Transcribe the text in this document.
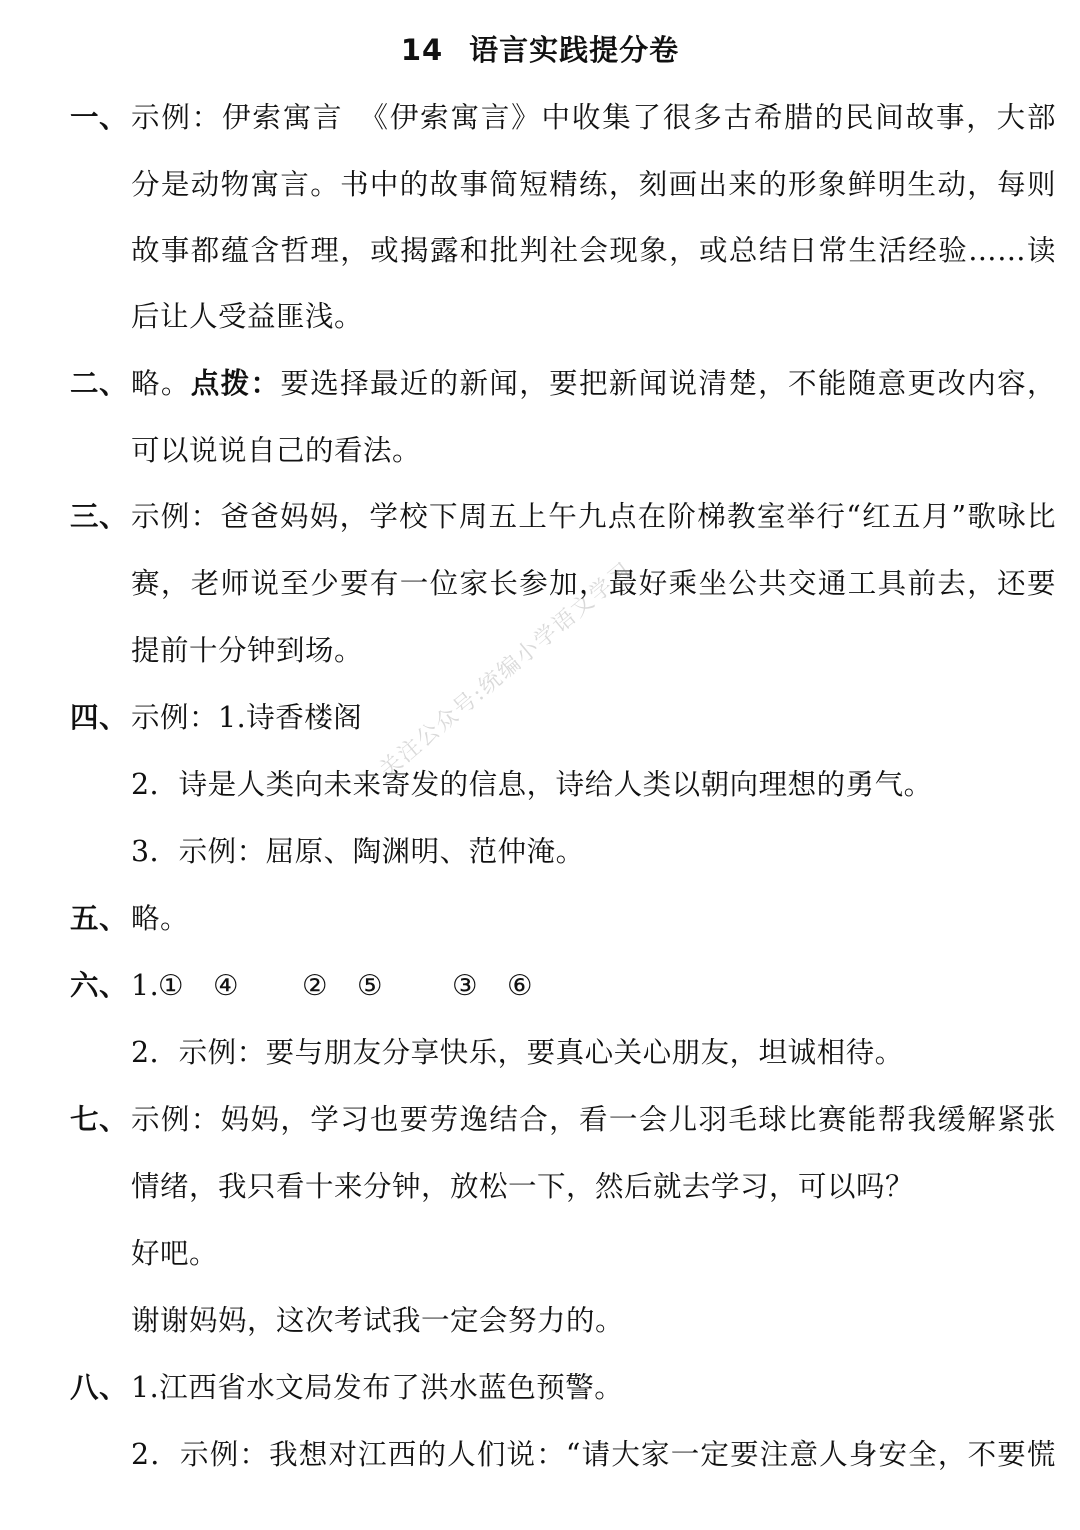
14 语言实践提分卷
一、 示例：伊索寓言　《伊索寓言》中收集了很多古希腊的民间故事，大部
分是动物寓言。书中的故事简短精练，刻画出来的形象鲜明生动，每则
故事都蕴含哲理，或揭露和批判社会现象，或总结日常生活经验……读
后让人受益匪浅。
二、 略。点拨：要选择最近的新闻，要把新闻说清楚，不能随意更改内容，
可以说说自己的看法。
三、 示例：爸爸妈妈，学校下周五上午九点在阶梯教室举行“红五月”歌咏比
赛，老师说至少要有一位家长参加，最好乘坐公共交通工具前去，还要
提前十分钟到场。
四、 示例：1.诗香楼阁
2．诗是人类向未来寄发的信息，诗给人类以朝向理想的勇气。
3．示例：屈原、陶渊明、范仲淹。
五、 略。
六、 1.
①　④ ②　⑤ ③　⑥
2．示例：要与朋友分享快乐，要真心关心朋友，坦诚相待。
七、 示例：妈妈，学习也要劳逸结合，看一会儿羽毛球比赛能帮我缓解紧张
情绪，我只看十来分钟，放松一下，然后就去学习，可以吗？
好吧。
谢谢妈妈，这次考试我一定会努力的。
八、 1.江西省水文局发布了洪水蓝色预警。
2．示例：我想对江西的人们说：“请大家一定要注意人身安全，不要慌
关注公众号:统编小学语文学习
